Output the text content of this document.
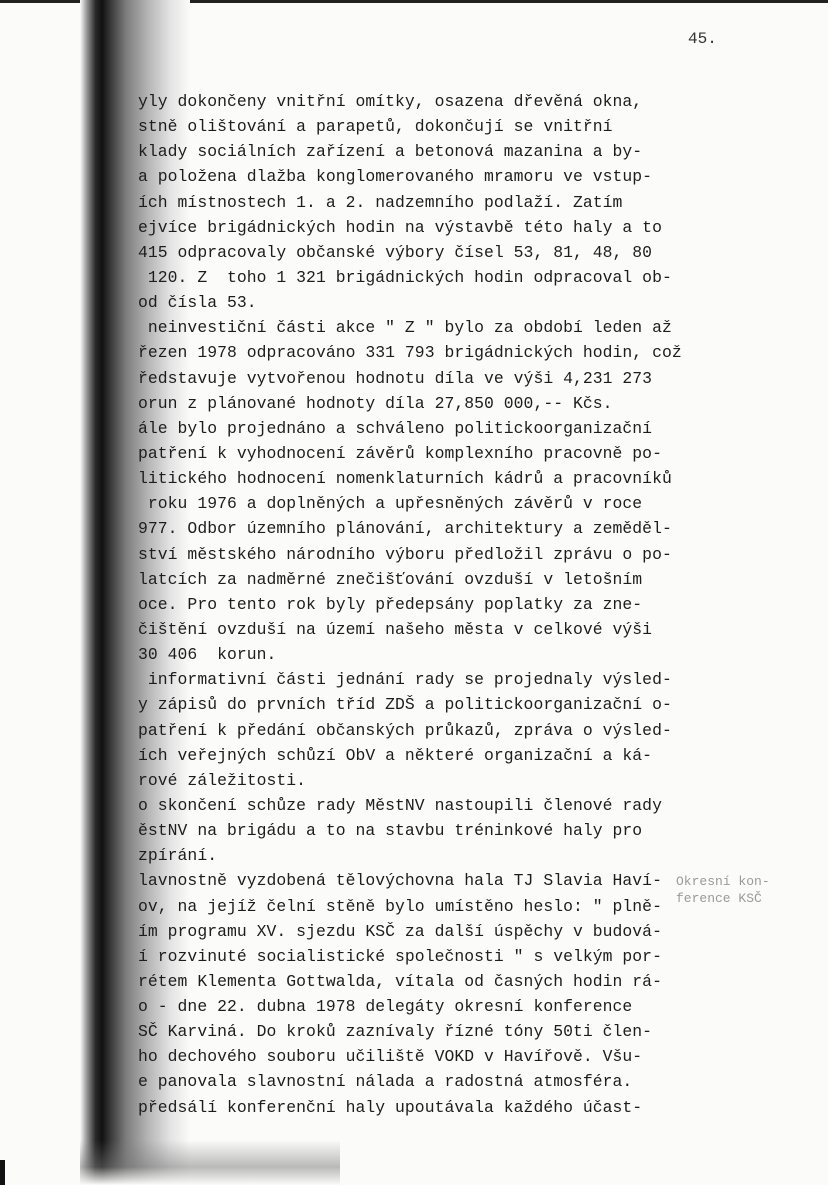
45.
yly dokončeny vnitřní omítky, osazena dřevěná okna,
stně olištování a parapetů, dokončují se vnitřní
klady sociálních zařízení a betonová mazanina a by-
a položena dlažba konglomerovaného mramoru ve vstup-
ích místnostech 1. a 2. nadzemního podlaží. Zatím
ejvíce brigádnických hodin na výstavbě této haly a to
415 odpracovaly občanské výbory čísel 53, 81, 48, 80
120. Z  toho 1 321 brigádnických hodin odpracoval ob-
od čísla 53.
neinvestiční části akce " Z " bylo za období leden až
řezen 1978 odpracováno 331 793 brigádnických hodin, což
ředstavuje vytvořenou hodnotu díla ve výši 4,231 273
orun z plánované hodnoty díla 27,850 000,-- Kčs.
ále bylo projednáno a schváleno politickoorganizační
patření k vyhodnocení závěrů komplexního pracovně po-
litického hodnocení nomenklaturních kádrů a pracovníků
roku 1976 a doplněných a upřesněných závěrů v roce
977. Odbor územního plánování, architektury a zeměděl-
ství městského národního výboru předložil zprávu o po-
latcích za nadměrné znečišťování ovzduší v letošním
oce. Pro tento rok byly předepsány poplatky za zne-
čištění ovzduší na území našeho města v celkové výši
30 406  korun.
informativní části jednání rady se projednaly výsled-
y zápisů do prvních tříd ZDŠ a politickoorganizační o-
patření k předání občanských průkazů, zpráva o výsled-
ích veřejných schůzí ObV a některé organizační a ká-
rové záležitosti.
o skončení schůze rady MěstNV nastoupili členové rady
ěstNV na brigádu a to na stavbu tréninkové haly pro
zpírání.
lavnostně vyzdobená tělovýchovna hala TJ Slavia Haví-
ov, na jejíž čelní stěně bylo umístěno heslo: " plně-
ím programu XV. sjezdu KSČ za další úspěchy v budová-
í rozvinuté socialistické společnosti " s velkým por-
rétem Klementa Gottwalda, vítala od časných hodin rá-
o - dne 22. dubna 1978 delegáty okresní konference
SČ Karviná. Do kroků zaznívaly řízné tóny 50ti člen-
ho dechového souboru učiliště VOKD v Havířově. Všu-
e panovala slavnostní nálada a radostná atmosféra.
předsálí konferenční haly upoutávala každého účast-
Okresní kon-
ference KSČ
